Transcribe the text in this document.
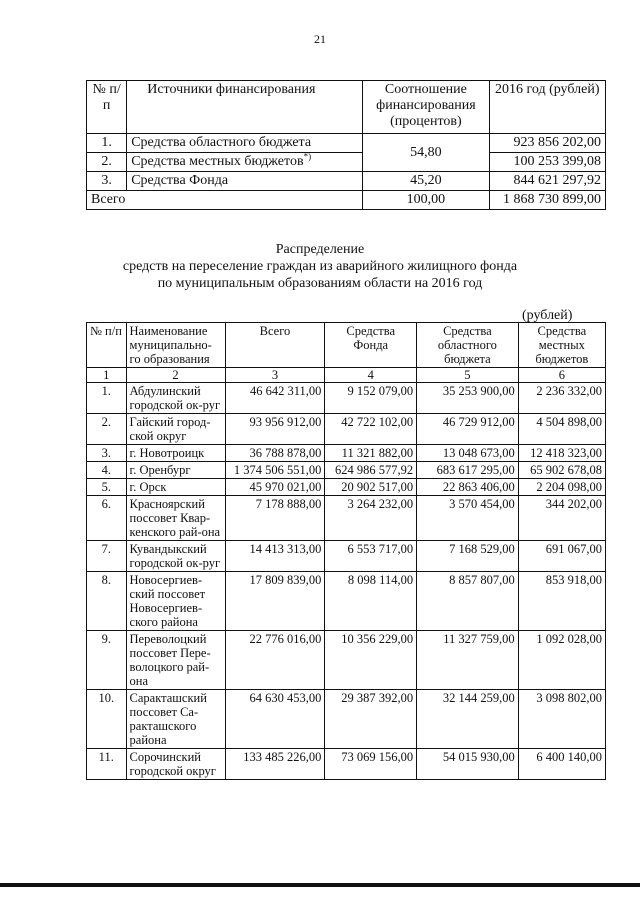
21
№ п/п	Источники финансирования	Соотношение финансирования (процентов)	2016 год (рублей)
1.	Средства областного бюджета	54,80	923 856 202,00
2.	Средства местных бюджетов*)		100 253 399,08
3.	Средства Фонда	45,20	844 621 297,92
Всего		100,00	1 868 730 899,00
Распределение
средств на переселение граждан из аварийного жилищного фонда
по муниципальным образованиям области на 2016 год
(рублей)
№ п/п	Наименование муниципально-го образования	Всего	Средства Фонда	Средства областного бюджета	Средства местных бюджетов
1	2	3	4	5	6
1.	Абдулинский городской ок-руг	46 642 311,00	9 152 079,00	35 253 900,00	2 236 332,00
2.	Гайский город-ской округ	93 956 912,00	42 722 102,00	46 729 912,00	4 504 898,00
3.	г. Новотроицк	36 788 878,00	11 321 882,00	13 048 673,00	12 418 323,00
4.	г. Оренбург	1 374 506 551,00	624 986 577,92	683 617 295,00	65 902 678,08
5.	г. Орск	45 970 021,00	20 902 517,00	22 863 406,00	2 204 098,00
6.	Красноярский поссовет Квар-кенского рай-она	7 178 888,00	3 264 232,00	3 570 454,00	344 202,00
7.	Кувандыкский городской ок-руг	14 413 313,00	6 553 717,00	7 168 529,00	691 067,00
8.	Новосергиев-ский поссовет Новосергиев-ского района	17 809 839,00	8 098 114,00	8 857 807,00	853 918,00
9.	Переволоцкий поссовет Пере-волоцкого рай-она	22 776 016,00	10 356 229,00	11 327 759,00	1 092 028,00
10.	Саракташский поссовет Са-ракташского района	64 630 453,00	29 387 392,00	32 144 259,00	3 098 802,00
11.	Сорочинский городской округ	133 485 226,00	73 069 156,00	54 015 930,00	6 400 140,00
